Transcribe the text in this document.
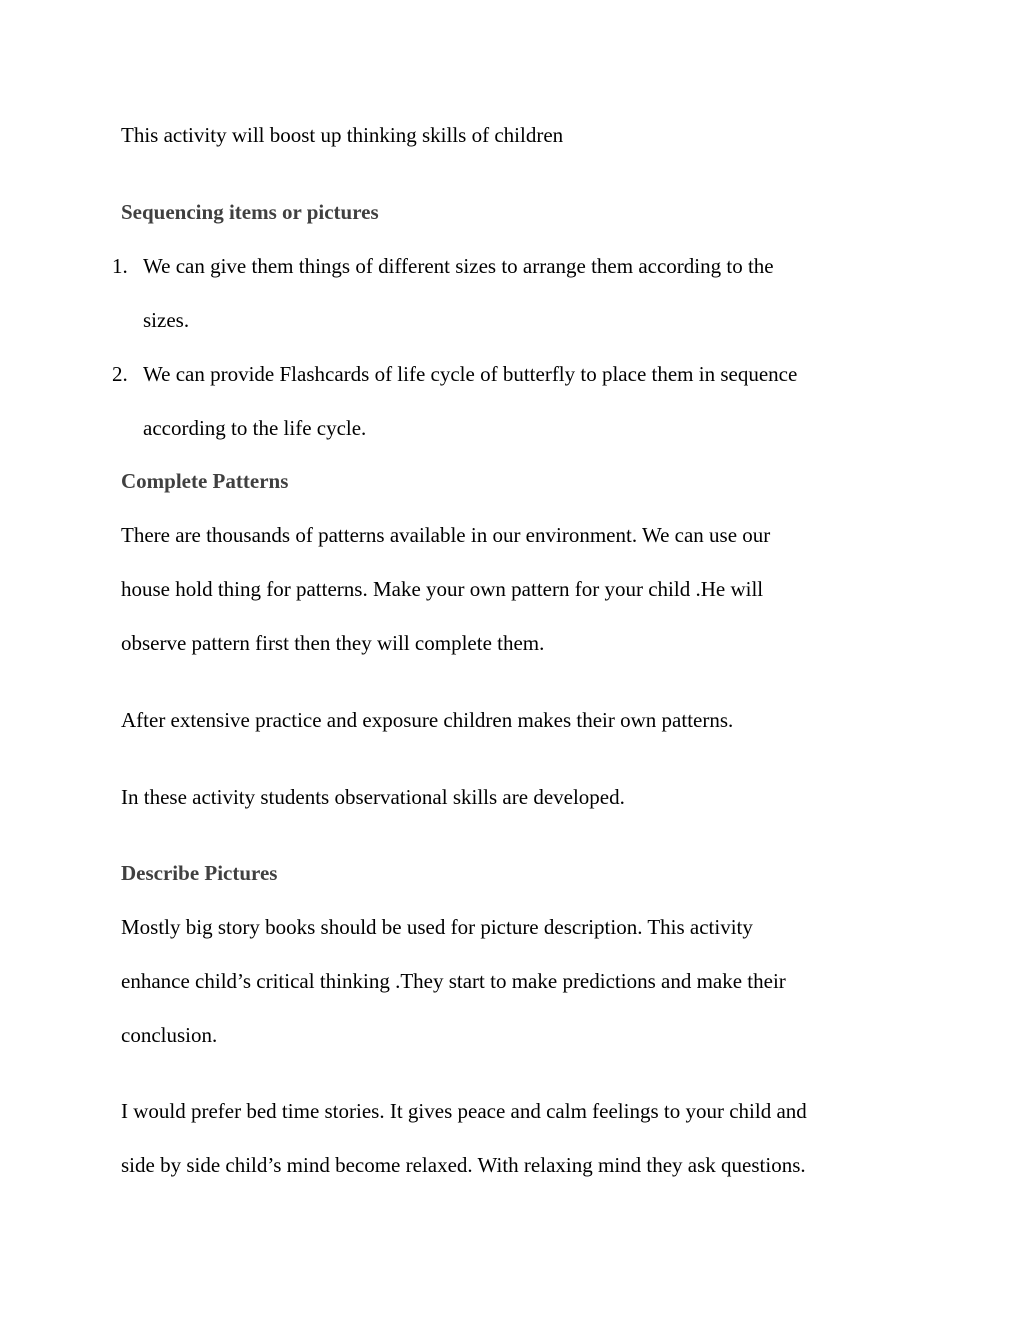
This activity will boost up thinking skills of children

Sequencing items or pictures

1. We can give them things of different sizes to arrange them according to the

sizes.

2. We can provide Flashcards of life cycle of butterfly to place them in sequence

according to the life cycle.

Complete Patterns

There are thousands of patterns available in our environment. We can use our

house hold thing for patterns. Make your own pattern for your child .He will

observe pattern first then they will complete them.

After extensive practice and exposure children makes their own patterns.

In these activity students observational skills are developed.

Describe Pictures

Mostly big story books should be used for picture description. This activity

enhance child’s critical thinking .They start to make predictions and make their

conclusion.

I would prefer bed time stories. It gives peace and calm feelings to your child and

side by side child’s mind become relaxed. With relaxing mind they ask questions.
